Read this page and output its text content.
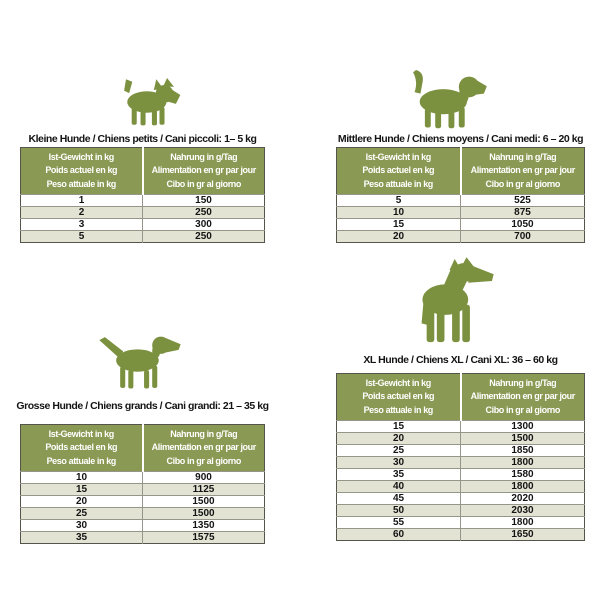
Kleine Hunde / Chiens petits / Cani piccoli: 1– 5 kg
Ist-Gewicht in kg
Poids actuel en kg
Peso attuale in kg

Nahrung in g/Tag
Alimentation en gr par jour
Cibo in gr al giorno

1	150
2	250
3	300
5	250
Mittlere Hunde / Chiens moyens / Cani medi: 6 – 20 kg
Ist-Gewicht in kg
Poids actuel en kg
Peso attuale in kg

Nahrung in g/Tag
Alimentation en gr par jour
Cibo in gr al giorno

5	525
10	875
15	1050
20	700
Grosse Hunde / Chiens grands / Cani grandi: 21 – 35 kg
Ist-Gewicht in kg
Poids actuel en kg
Peso attuale in kg

Nahrung in g/Tag
Alimentation en gr par jour
Cibo in gr al giorno

10	900
15	1125
20	1500
25	1500
30	1350
35	1575
XL Hunde / Chiens XL / Cani XL: 36 – 60 kg
Ist-Gewicht in kg
Poids actuel en kg
Peso attuale in kg

Nahrung in g/Tag
Alimentation en gr par jour
Cibo in gr al giorno

15	1300
20	1500
25	1850
30	1800
35	1580
40	1800
45	2020
50	2030
55	1800
60	1650
